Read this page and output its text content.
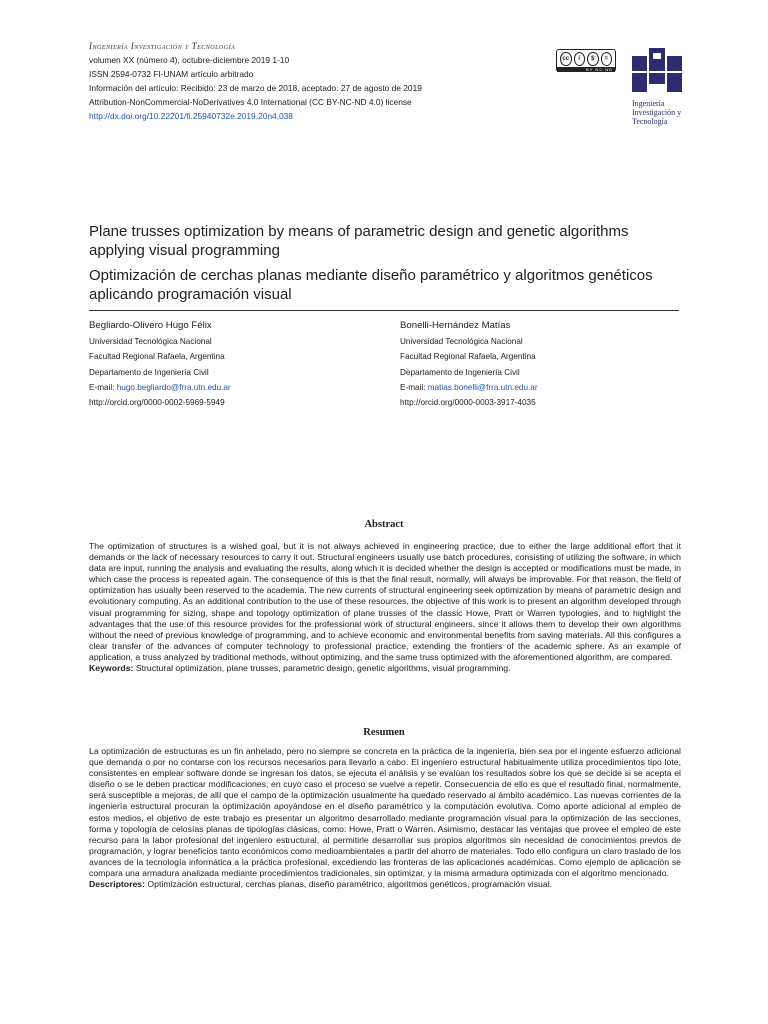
Ingeniería Investigación y Tecnología
volumen XX (número 4), octubre-diciembre 2019 1-10
ISSN 2594-0732 FI-UNAM artículo arbitrado
Información del artículo: Recibido: 23 de marzo de 2018, aceptado: 27 de agosto de 2019
Attribution-NonCommercial-NoDerivatives 4.0 International (CC BY-NC-ND 4.0) license
http://dx.doi.org/10.22201/fi.25940732e.2019.20n4.038
cc	i	$	=
BY NC ND
Ingeniería
Investigación y
Tecnología
Plane trusses optimization by means of parametric design and genetic algorithms
applying visual programming
Optimización de cerchas planas mediante diseño paramétrico y algoritmos genéticos
aplicando programación visual
Begliardo-Olivero Hugo Félix
Universidad Tecnológica Nacional
Facultad Regional Rafaela, Argentina
Departamento de Ingeniería Civil
E-mail: hugo.begliardo@frra.utn.edu.ar
http://orcid.org/0000-0002-5969-5949
Bonelli-Hernández Matías
Universidad Tecnológica Nacional
Facultad Regional Rafaela, Argentina
Departamento de Ingeniería Civil
E-mail: matias.bonelli@frra.utn.edu.ar
http://orcid.org/0000-0003-3917-4035
Abstract
The optimization of structures is a wished goal, but it is not always achieved in engineering practice, due to either the large additional effort that it demands or the lack of necessary resources to carry it out. Structural engineers usually use batch procedures, consisting of utilizing the software, in which data are input, running the analysis and evaluating the results, along which it is decided whether the design is accepted or modifications must be made, in which case the process is repeated again. The consequence of this is that the final result, normally, will always be improvable. For that reason, the field of optimization has usually been reserved to the academia. The new currents of structural engineering seek optimization by means of parametric design and evolutionary computing. As an additional contribution to the use of these resources, the objective of this work is to present an algorithm developed through visual programming for sizing, shape and topology optimization of plane trusses of the classic Howe, Pratt or Warren typologies, and to highlight the advantages that the use of this resource provides for the professional work of structural engineers, since it allows them to develop their own algorithms without the need of previous knowledge of programming, and to achieve economic and environmental benefits from saving materials. All this configures a clear transfer of the advances of computer technology to professional practice, extending the frontiers of the academic sphere. As an example of application, a truss analyzed by traditional methods, without optimizing, and the same truss optimized with the aforementioned algorithm, are compared.
Keywords: Structural optimization, plane trusses, parametric design, genetic algorithms, visual programming.
Resumen
La optimización de estructuras es un fin anhelado, pero no siempre se concreta en la práctica de la ingeniería, bien sea por el ingente esfuerzo adicional que demanda o por no contarse con los recursos necesarios para llevarlo a cabo. El ingeniero estructural habitualmente utiliza procedimientos tipo lote, consistentes en emplear software donde se ingresan los datos, se ejecuta el análisis y se evalúan los resultados sobre los que se decide si se acepta el diseño o se le deben practicar modificaciones, en cuyo caso el proceso se vuelve a repetir. Consecuencia de ello es que el resultado final, normalmente, será susceptible a mejoras, de allí que el campo de la optimización usualmente ha quedado reservado al ámbito académico. Las nuevas corrientes de la ingeniería estructural procuran la optimización apoyándose en el diseño paramétrico y la computación evolutiva. Como aporte adicional al empleo de estos medios, el objetivo de este trabajo es presentar un algoritmo desarrollado mediante programación visual para la optimización de las secciones, forma y topología de celosías planas de tipologías clásicas, como: Howe, Pratt o Warren. Asimismo, destacar las ventajas que provee el empleo de este recurso para la labor profesional del ingeniero estructural, al permitirle desarrollar sus propios algoritmos sin necesidad de conocimientos previos de programación, y lograr beneficios tanto económicos como medioambientales a partir del ahorro de materiales. Todo ello configura un claro traslado de los avances de la tecnología informática a la práctica profesional, excediendo las fronteras de las aplicaciones académicas. Como ejemplo de aplicación se compara una armadura analizada mediante procedimientos tradicionales, sin optimizar, y la misma armadura optimizada con el algoritmo mencionado.
Descriptores: Optimización estructural, cerchas planas, diseño paramétrico, algoritmos genéticos, programación visual.
